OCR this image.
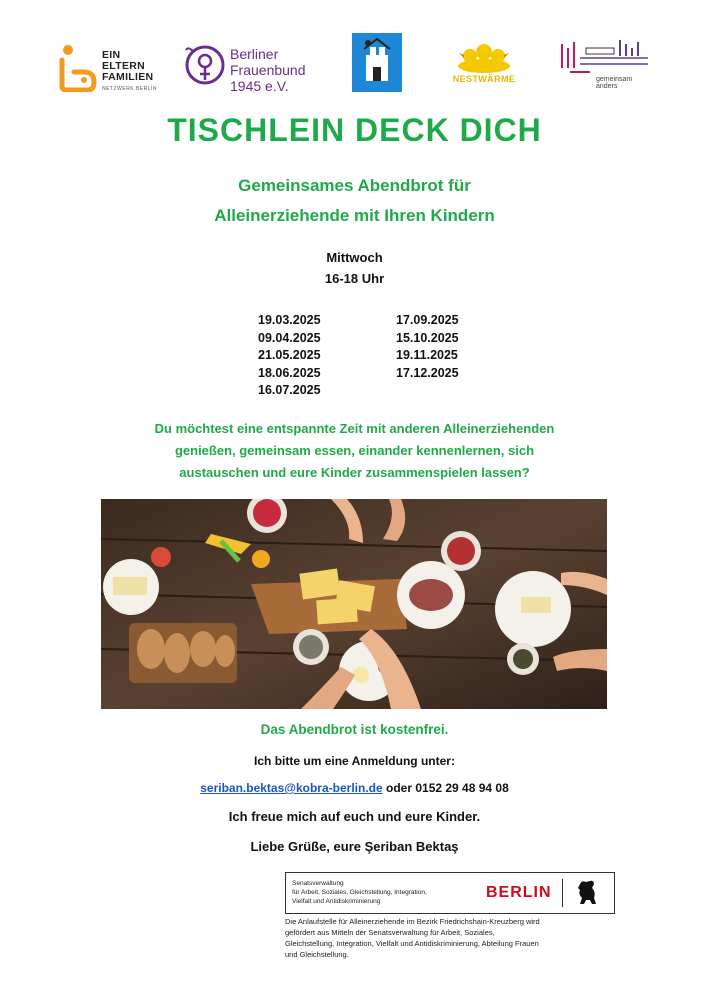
EIN
ELTERN
FAMILIEN
NETZWERK BERLIN
Berliner
Frauenbund
1945 e.V.	NESTWÄRME	gemeinsam
anders
TISCHLEIN DECK DICH
Gemeinsames Abendbrot für
Alleinerziehende mit Ihren Kindern
Mittwoch
16-18 Uhr
19.03.2025
09.04.2025
21.05.2025
18.06.2025
16.07.2025
17.09.2025
15.10.2025
19.11.2025
17.12.2025
Du möchtest eine entspannte Zeit mit anderen Alleinerziehenden
genießen, gemeinsam essen, einander kennenlernen, sich
austauschen und eure Kinder zusammenspielen lassen?
Das Abendbrot ist kostenfrei.
Ich bitte um eine Anmeldung unter:
seriban.bektas@kobra-berlin.de oder 0152 29 48 94 08
Ich freue mich auf euch und eure Kinder.
Liebe Grüße, eure Şeriban Bektaş
Senatsverwaltung
für Arbeit, Soziales, Gleichstellung, Integration,
Vielfalt und Antidiskriminierung
BERLIN
Die Anlaufstelle für Alleinerziehende im Bezirk Friedrichshain-Kreuzberg wird
gefördert aus Mitteln der Senatsverwaltung für Arbeit, Soziales,
Gleichstellung, Integration, Vielfalt und Antidiskriminierung, Abteilung Frauen
und Gleichstellung.
